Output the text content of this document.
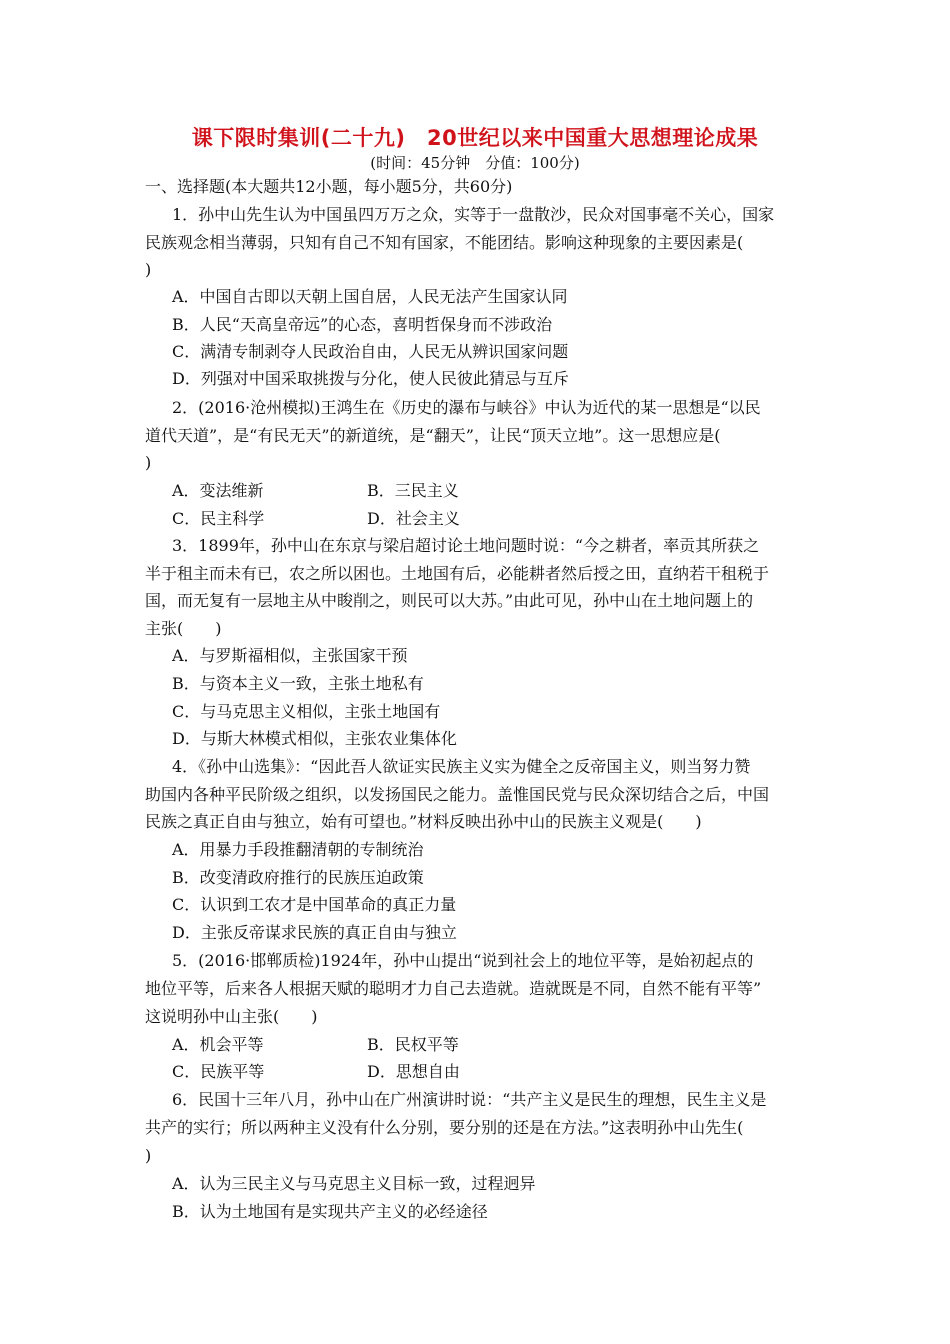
课下限时集训(二十九)　20世纪以来中国重大思想理论成果
(时间：45分钟　分值：100分)
一、选择题(本大题共12小题，每小题5分，共60分)
1．孙中山先生认为中国虽四万万之众，实等于一盘散沙，民众对国事毫不关心，国家
民族观念相当薄弱，只知有自己不知有国家，不能团结。影响这种现象的主要因素是(
)
A．中国自古即以天朝上国自居，人民无法产生国家认同
B．人民“天高皇帝远”的心态，喜明哲保身而不涉政治
C．满清专制剥夺人民政治自由，人民无从辨识国家问题
D．列强对中国采取挑拨与分化，使人民彼此猜忌与互斥
2．(2016·沧州模拟)王鸿生在《历史的瀑布与峡谷》中认为近代的某一思想是“以民
道代天道”，是“有民无天”的新道统，是“翻天”，让民“顶天立地”。这一思想应是(
)
A．变法维新	B．三民主义
C．民主科学	D．社会主义
3．1899年，孙中山在东京与梁启超讨论土地问题时说：“今之耕者，率贡其所获之
半于租主而未有已，农之所以困也。土地国有后，必能耕者然后授之田，直纳若干租税于
国，而无复有一层地主从中睃削之，则民可以大苏。”由此可见，孙中山在土地问题上的
主张(　　)
A．与罗斯福相似，主张国家干预
B．与资本主义一致，主张土地私有
C．与马克思主义相似，主张土地国有
D．与斯大林模式相似，主张农业集体化
4．《孙中山选集》：“因此吾人欲证实民族主义实为健全之反帝国主义，则当努力赞
助国内各种平民阶级之组织，以发扬国民之能力。盖惟国民党与民众深切结合之后，中国
民族之真正自由与独立，始有可望也。”材料反映出孙中山的民族主义观是(　　)
A．用暴力手段推翻清朝的专制统治
B．改变清政府推行的民族压迫政策
C．认识到工农才是中国革命的真正力量
D．主张反帝谋求民族的真正自由与独立
5．(2016·邯郸质检)1924年，孙中山提出“说到社会上的地位平等，是始初起点的
地位平等，后来各人根据天赋的聪明才力自己去造就。造就既是不同，自然不能有平等”
这说明孙中山主张(　　)
A．机会平等	B．民权平等
C．民族平等	D．思想自由
6．民国十三年八月，孙中山在广州演讲时说：“共产主义是民生的理想，民生主义是
共产的实行；所以两种主义没有什么分别，要分别的还是在方法。”这表明孙中山先生(
)
A．认为三民主义与马克思主义目标一致，过程迥异
B．认为土地国有是实现共产主义的必经途径
